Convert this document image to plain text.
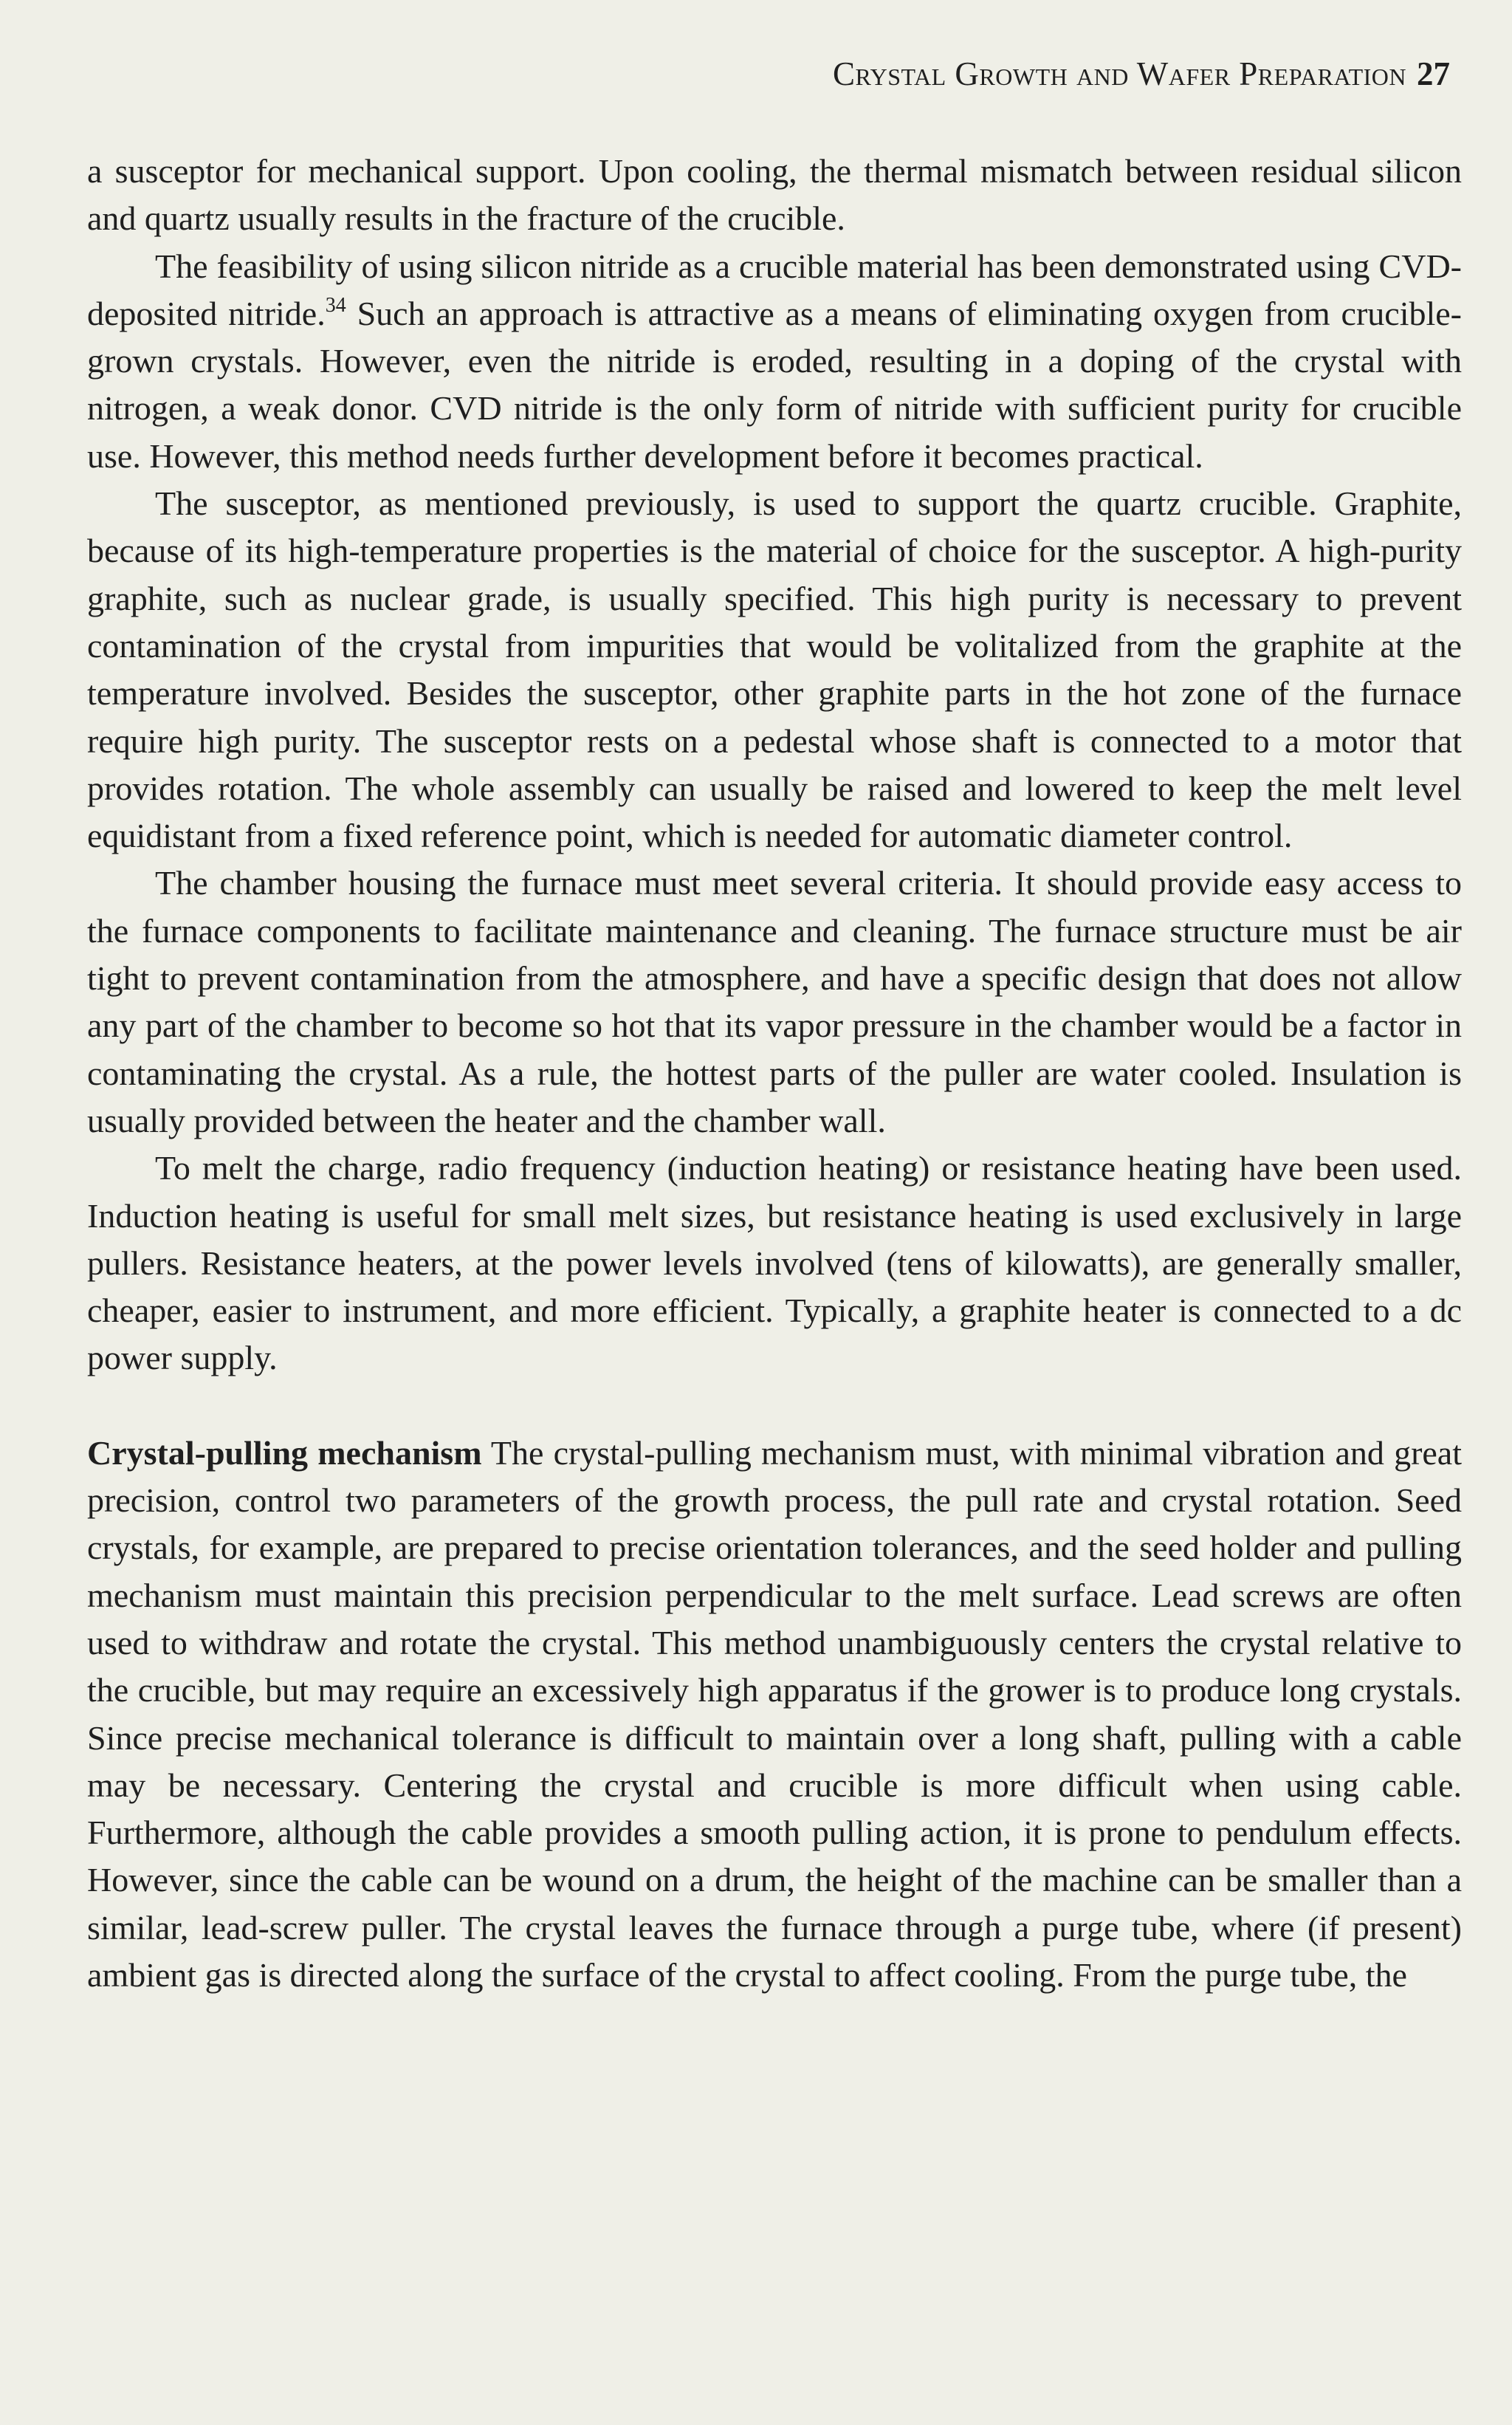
Crystal Growth and Wafer Preparation 27

a susceptor for mechanical support. Upon cooling, the thermal mismatch between residual silicon and quartz usually results in the fracture of the crucible.

The feasibility of using silicon nitride as a crucible material has been demonstrated using CVD-deposited nitride.$^{34}$ Such an approach is attractive as a means of eliminating oxygen from crucible-grown crystals. However, even the nitride is eroded, resulting in a doping of the crystal with nitrogen, a weak donor. CVD nitride is the only form of nitride with sufficient purity for crucible use. However, this method needs further development before it becomes practical.

The susceptor, as mentioned previously, is used to support the quartz crucible. Graphite, because of its high-temperature properties is the material of choice for the susceptor. A high-purity graphite, such as nuclear grade, is usually specified. This high purity is necessary to prevent contamination of the crystal from impurities that would be volitalized from the graphite at the temperature involved. Besides the susceptor, other graphite parts in the hot zone of the furnace require high purity. The susceptor rests on a pedestal whose shaft is connected to a motor that provides rotation. The whole assembly can usually be raised and lowered to keep the melt level equidistant from a fixed reference point, which is needed for automatic diameter control.

The chamber housing the furnace must meet several criteria. It should provide easy access to the furnace components to facilitate maintenance and cleaning. The furnace structure must be air tight to prevent contamination from the atmosphere, and have a specific design that does not allow any part of the chamber to become so hot that its vapor pressure in the chamber would be a factor in contaminating the crystal. As a rule, the hottest parts of the puller are water cooled. Insulation is usually provided between the heater and the chamber wall.

To melt the charge, radio frequency (induction heating) or resistance heating have been used. Induction heating is useful for small melt sizes, but resistance heating is used exclusively in large pullers. Resistance heaters, at the power levels involved (tens of kilowatts), are generally smaller, cheaper, easier to instrument, and more efficient. Typically, a graphite heater is connected to a dc power supply.

Crystal-pulling mechanism The crystal-pulling mechanism must, with minimal vibration and great precision, control two parameters of the growth process, the pull rate and crystal rotation. Seed crystals, for example, are prepared to precise orientation tolerances, and the seed holder and pulling mechanism must maintain this precision perpendicular to the melt surface. Lead screws are often used to withdraw and rotate the crystal. This method unambiguously centers the crystal relative to the crucible, but may require an excessively high apparatus if the grower is to produce long crystals. Since precise mechanical tolerance is difficult to maintain over a long shaft, pulling with a cable may be necessary. Centering the crystal and crucible is more difficult when using cable. Furthermore, although the cable provides a smooth pulling action, it is prone to pendulum effects. However, since the cable can be wound on a drum, the height of the machine can be smaller than a similar, lead-screw puller. The crystal leaves the furnace through a purge tube, where (if present) ambient gas is directed along the surface of the crystal to affect cooling. From the purge tube, the
